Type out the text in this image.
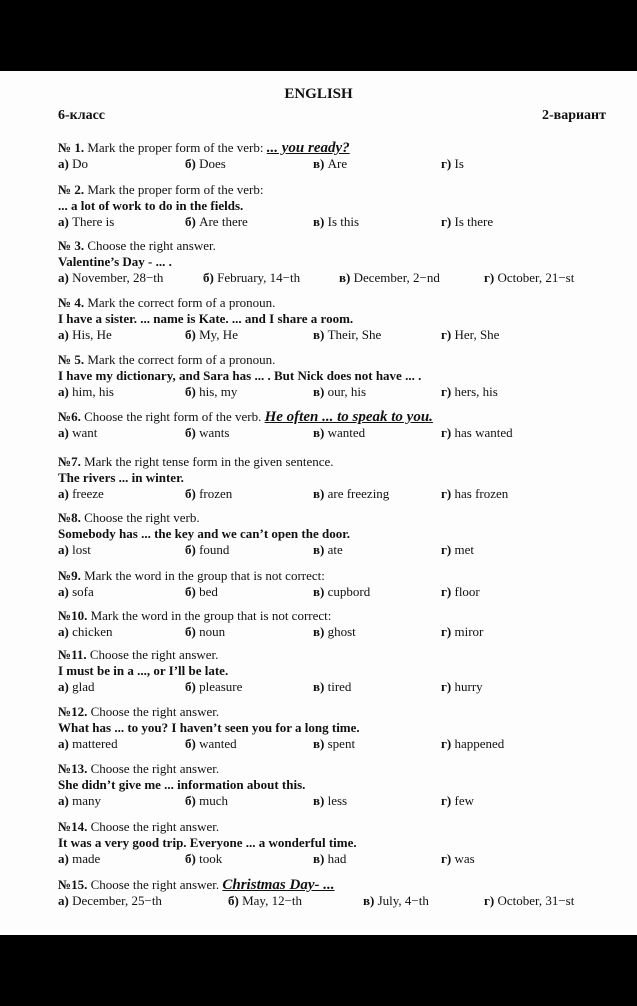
ENGLISH
6-класс	2-вариант
№ 1. Mark the proper form of the verb: ... you ready?
а) Do	б) Does	в) Are	г) Is
№ 2. Mark the proper form of the verb:
... a lot of work to do in the fields.
а) There is	б) Are there	в) Is this	г) Is there
№ 3. Choose the right answer.
Valentine’s Day - ... .
а) November, 28−th	б) February, 14−th	в) December, 2−nd	г) October, 21−st
№ 4. Mark the correct form of a pronoun.
I have a sister. ... name is Kate. ... and I share a room.
а) His, He	б) My, He	в) Their, She	г) Her, She
№ 5. Mark the correct form of a pronoun.
I have my dictionary, and Sara has ... . But Nick does not have ... .
а) him, his	б) his, my	в) our, his	г) hers, his
№6. Choose the right form of the verb. He often ... to speak to you.
а) want	б) wants	в) wanted	г) has wanted
№7. Mark the right tense form in the given sentence.
The rivers ... in winter.
а) freeze	б) frozen	в) are freezing	г) has frozen
№8. Choose the right verb.
Somebody has ... the key and we can’t open the door.
а) lost	б) found	в) ate	г) met
№9. Mark the word in the group that is not correct:
а) sofa	б) bed	в) cupbord	г) floor
№10. Mark the word in the group that is not correct:
а) chicken	б) noun	в) ghost	г) miror
№11. Choose the right answer.
I must be in a ..., or I’ll be late.
а) glad	б) pleasure	в) tired	г) hurry
№12. Choose the right answer.
What has ... to you? I haven’t seen you for a long time.
а) mattered	б) wanted	в) spent	г) happened
№13. Choose the right answer.
She didn’t give me ... information about this.
а) many	б) much	в) less	г) few
№14. Choose the right answer.
It was a very good trip. Everyone ... a wonderful time.
а) made	б) took	в) had	г) was
№15. Choose the right answer. Christmas Day- ...
а) December, 25−th	б) May, 12−th	в) July, 4−th	г) October, 31−st
